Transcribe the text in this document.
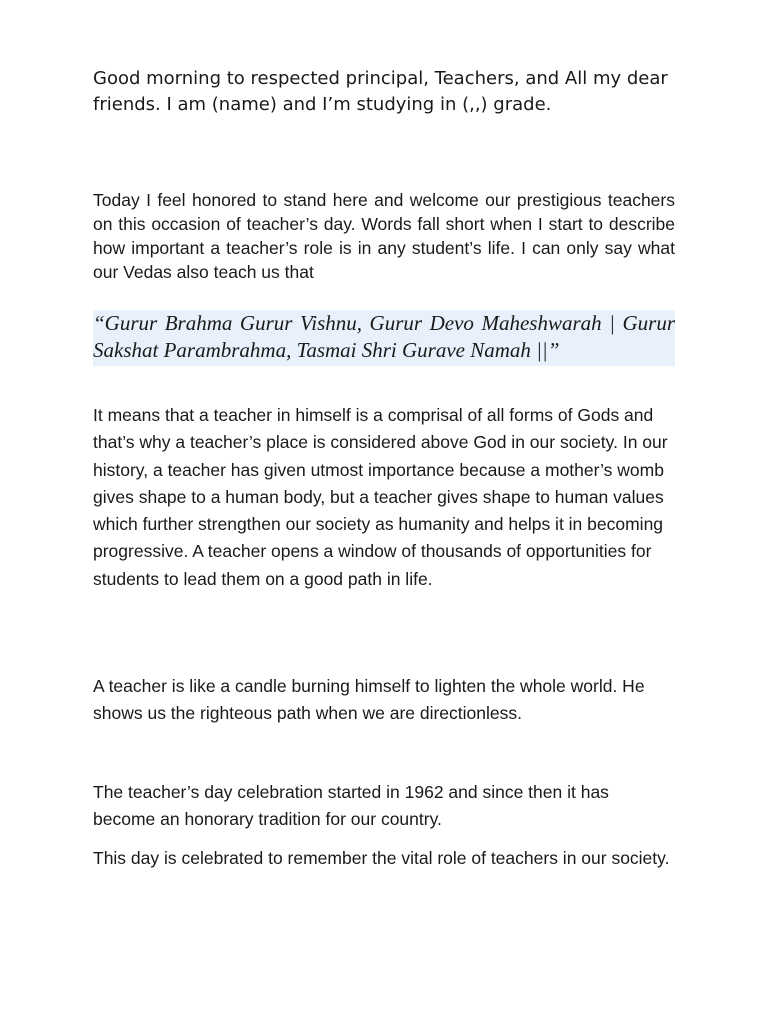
Good morning to respected principal, Teachers, and All my dear friends. I am (name) and I’m studying in (,,) grade.

Today I feel honored to stand here and welcome our prestigious teachers on this occasion of teacher’s day. Words fall short when I start to describe how important a teacher’s role is in any student’s life. I can only say what our Vedas also teach us that

“Gurur Brahma Gurur Vishnu, Gurur Devo Maheshwarah | Gurur Sakshat Parambrahma, Tasmai Shri Gurave Namah ||”

It means that a teacher in himself is a comprisal of all forms of Gods and that’s why a teacher’s place is considered above God in our society. In our history, a teacher has given utmost importance because a mother’s womb gives shape to a human body, but a teacher gives shape to human values which further strengthen our society as humanity and helps it in becoming progressive. A teacher opens a window of thousands of opportunities for students to lead them on a good path in life.

A teacher is like a candle burning himself to lighten the whole world. He shows us the righteous path when we are directionless.

The teacher’s day celebration started in 1962 and since then it has become an honorary tradition for our country.

This day is celebrated to remember the vital role of teachers in our society.
